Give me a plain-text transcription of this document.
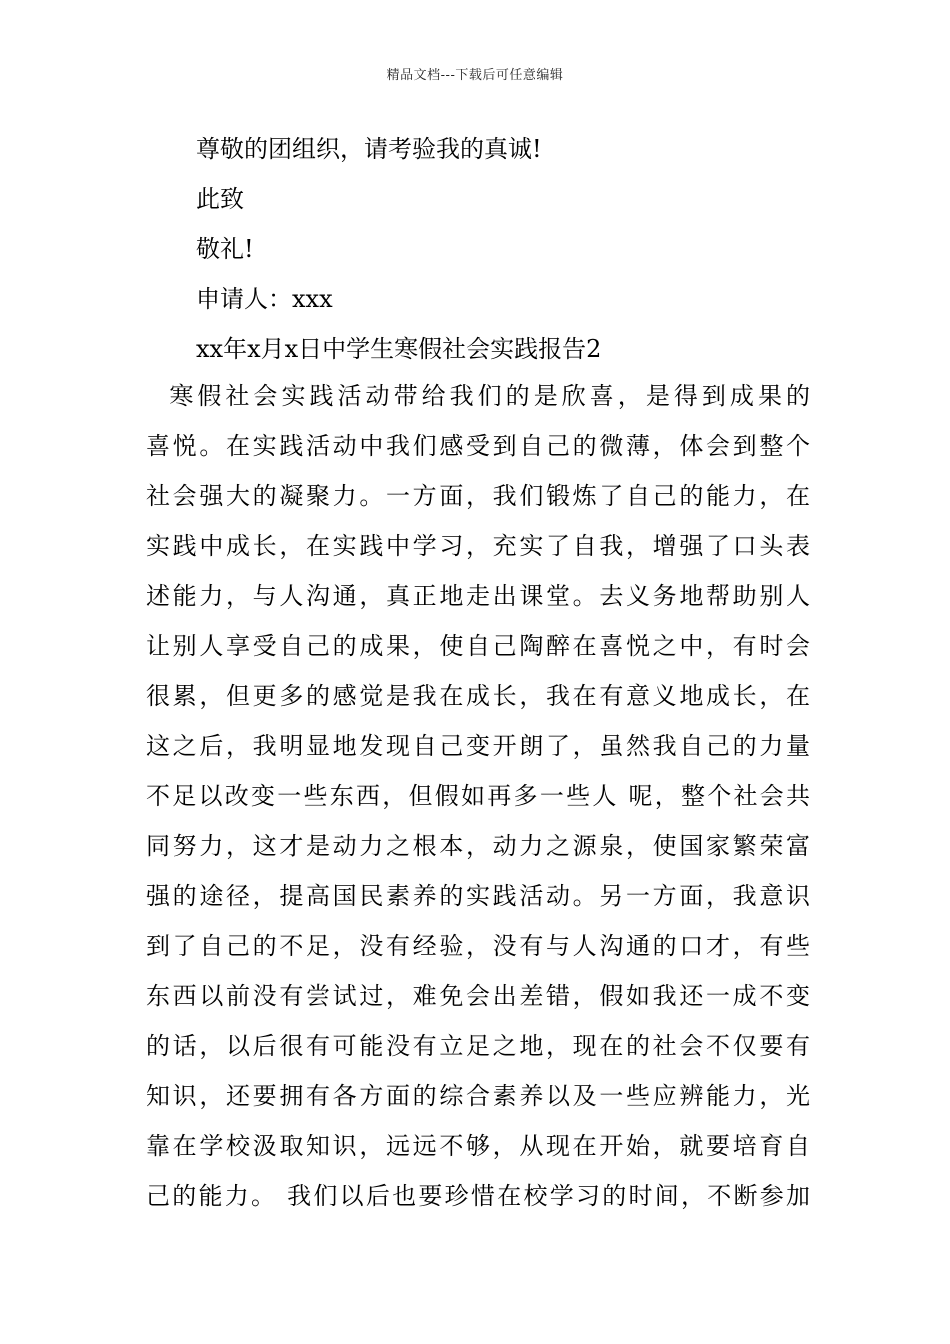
精品文档---下载后可任意编辑
尊敬的团组织，请考验我的真诚!
此致
敬礼!
申请人：xxx
xx年x月x日中学生寒假社会实践报告2
寒假社会实践活动带给我们的是欣喜，是得到成果的
喜悦。在实践活动中我们感受到自己的微薄，体会到整个
社会强大的凝聚力。一方面，我们锻炼了自己的能力，在
实践中成长，在实践中学习，充实了自我，增强了口头表
述能力，与人沟通，真正地走出课堂。去义务地帮助别人
让别人享受自己的成果，使自己陶醉在喜悦之中，有时会
很累，但更多的感觉是我在成长，我在有意义地成长，在
这之后，我明显地发现自己变开朗了，虽然我自己的力量
不足以改变一些东西，但假如再多一些人 呢，整个社会共
同努力，这才是动力之根本，动力之源泉，使国家繁荣富
强的途径，提高国民素养的实践活动。另一方面，我意识
到了自己的不足，没有经验，没有与人沟通的口才，有些
东西以前没有尝试过，难免会出差错，假如我还一成不变
的话，以后很有可能没有立足之地，现在的社会不仅要有
知识，还要拥有各方面的综合素养以及一些应辨能力，光
靠在学校汲取知识，远远不够，从现在开始，就要培育自
己的能力。 我们以后也要珍惜在校学习的时间，不断参加
